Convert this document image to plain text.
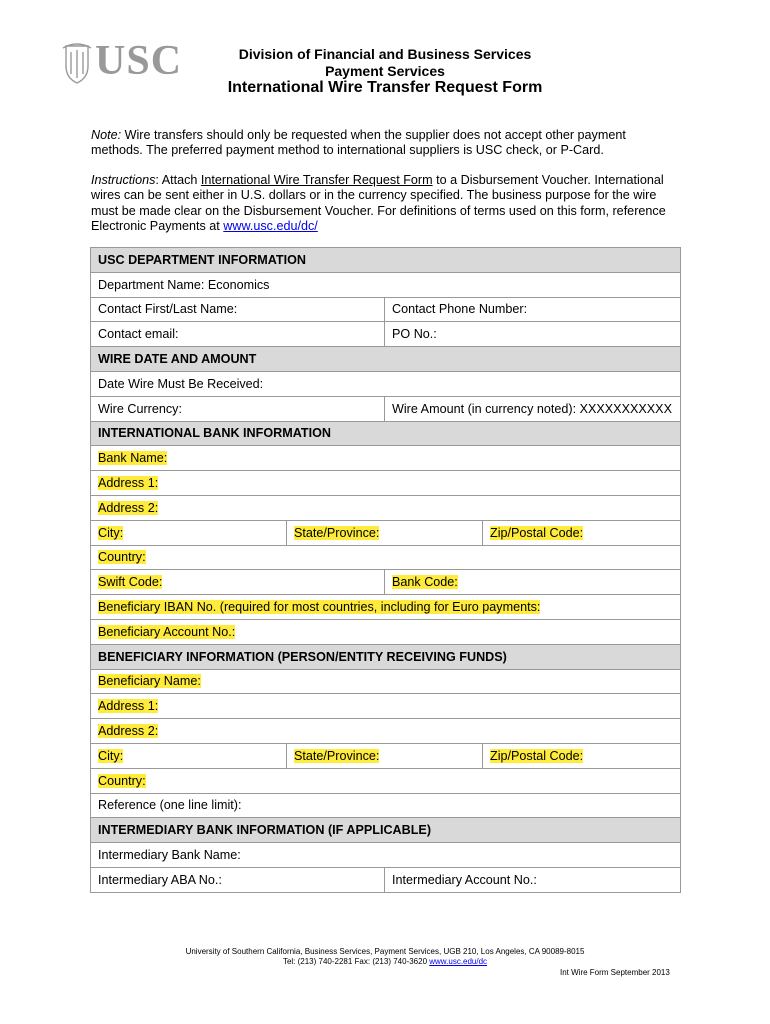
USC	Division of Financial and Business Services
Payment Services
International Wire Transfer Request Form
Note: Wire transfers should only be requested when the supplier does not accept other payment methods. The preferred payment method to international suppliers is USC check, or P-Card.
Instructions: Attach International Wire Transfer Request Form to a Disbursement Voucher. International wires can be sent either in U.S. dollars or in the currency specified. The business purpose for the wire must be made clear on the Disbursement Voucher. For definitions of terms used on this form, reference Electronic Payments at www.usc.edu/dc/
USC DEPARTMENT INFORMATION			
Department Name: Economics			
Contact First/Last Name:		Contact Phone Number:	
Contact email:		PO No.:	
WIRE DATE AND AMOUNT			
Date Wire Must Be Received:			
Wire Currency:		Wire Amount (in currency noted): XXXXXXXXXXX	
INTERNATIONAL BANK INFORMATION			
Bank Name:			
Address 1:			
Address 2:			
City:	State/Province:		Zip/Postal Code:
Country:			
Swift Code:		Bank Code:	
Beneficiary IBAN No. (required for most countries, including for Euro payments:			
Beneficiary Account No.:			
BENEFICIARY INFORMATION (PERSON/ENTITY RECEIVING FUNDS)			
Beneficiary Name:			
Address 1:			
Address 2:			
City:	State/Province:		Zip/Postal Code:
Country:			
Reference (one line limit):			
INTERMEDIARY BANK INFORMATION (IF APPLICABLE)			
Intermediary Bank Name:			
Intermediary ABA No.:		Intermediary Account No.:	
University of Southern California, Business Services, Payment Services, UGB 210, Los Angeles, CA 90089-8015
Tel: (213) 740-2281 Fax: (213) 740-3620 www.usc.edu/dc
Int Wire Form September 2013
